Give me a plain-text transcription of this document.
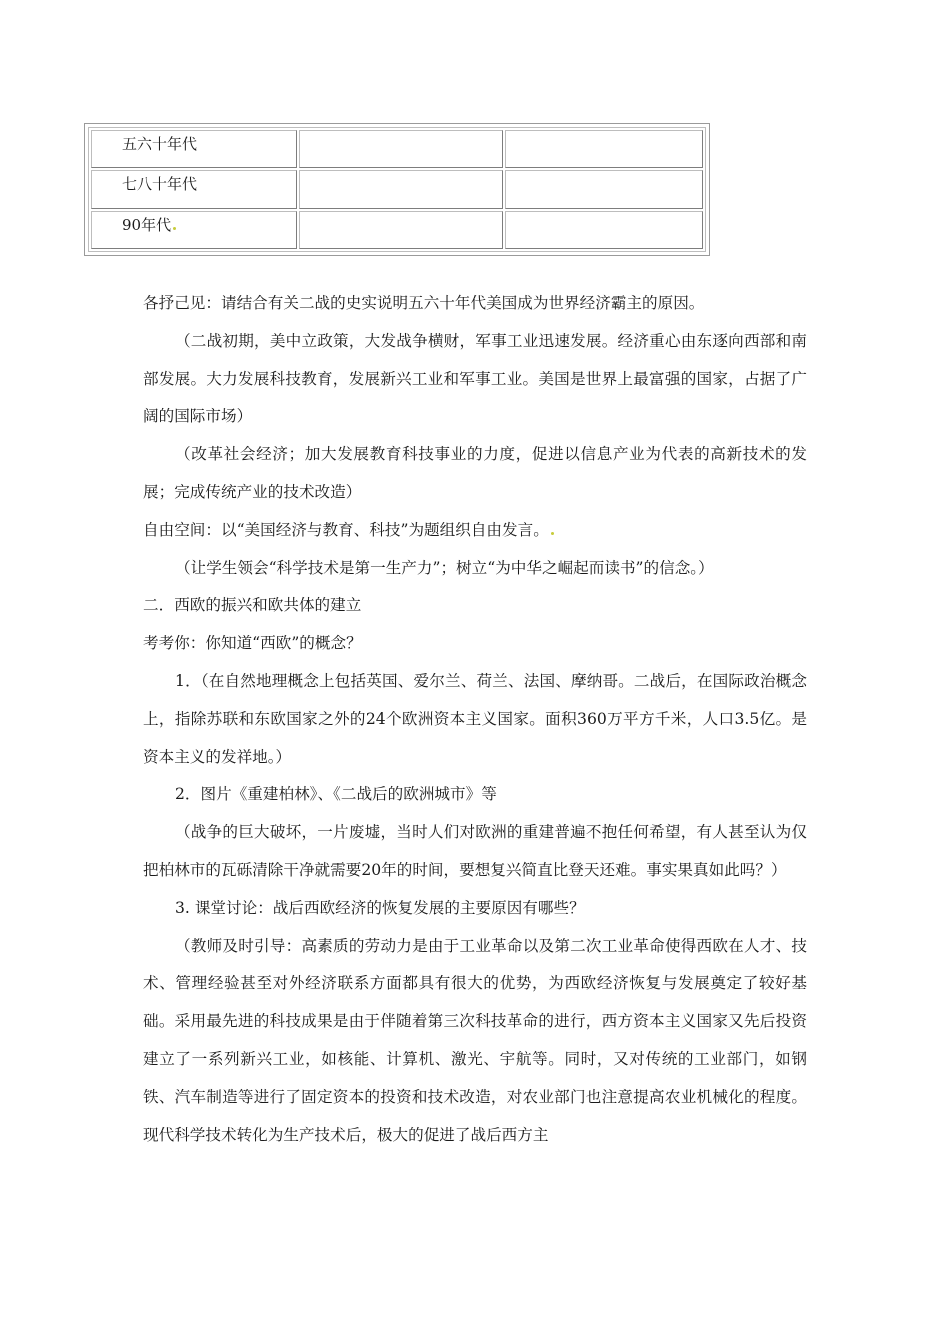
五六十年代		
七八十年代		
90年代		

各抒己见：请结合有关二战的史实说明五六十年代美国成为世界经济霸主的原因。

（二战初期，美中立政策，大发战争横财，军事工业迅速发展。经济重心由东逐向西部和南部发展。大力发展科技教育，发展新兴工业和军事工业。美国是世界上最富强的国家，占据了广阔的国际市场）

（改革社会经济；加大发展教育科技事业的力度，促进以信息产业为代表的高新技术的发展；完成传统产业的技术改造）

自由空间：以“美国经济与教育、科技”为题组织自由发言。

（让学生领会“科学技术是第一生产力”；树立“为中华之崛起而读书”的信念。）

二．西欧的振兴和欧共体的建立

考考你：你知道“西欧”的概念？

1．（在自然地理概念上包括英国、爱尔兰、荷兰、法国、摩纳哥。二战后，在国际政治概念上，指除苏联和东欧国家之外的24个欧洲资本主义国家。面积360万平方千米，人口3.5亿。是资本主义的发祥地。）

2．图片《重建柏林》、《二战后的欧洲城市》等

（战争的巨大破坏，一片废墟，当时人们对欧洲的重建普遍不抱任何希望，有人甚至认为仅把柏林市的瓦砾清除干净就需要20年的时间，要想复兴简直比登天还难。事实果真如此吗？）

3. 课堂讨论：战后西欧经济的恢复发展的主要原因有哪些？

（教师及时引导：高素质的劳动力是由于工业革命以及第二次工业革命使得西欧在人才、技术、管理经验甚至对外经济联系方面都具有很大的优势，为西欧经济恢复与发展奠定了较好基础。采用最先进的科技成果是由于伴随着第三次科技革命的进行，西方资本主义国家又先后投资建立了一系列新兴工业，如核能、计算机、激光、宇航等。同时，又对传统的工业部门，如钢铁、汽车制造等进行了固定资本的投资和技术改造，对农业部门也注意提高农业机械化的程度。现代科学技术转化为生产技术后，极大的促进了战后西方主
